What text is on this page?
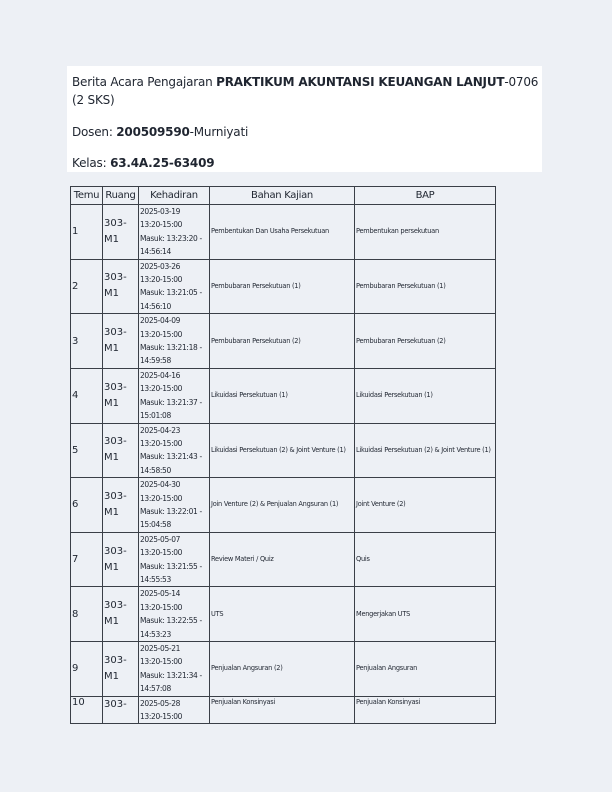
Berita Acara Pengajaran PRAKTIKUM AKUNTANSI KEUANGAN LANJUT-0706 (2 SKS)

Dosen: 200509590-Murniyati

Kelas: 63.4A.25-63409

Temu	Ruang	Kehadiran	Bahan Kajian	BAP
1	303-M1	2025-03-19
13:20-15:00
Masuk: 13:23:20 - 14:56:14	Pembentukan Dan Usaha Persekutuan	Pembentukan persekutuan
2	303-M1	2025-03-26
13:20-15:00
Masuk: 13:21:05 - 14:56:10	Pembubaran Persekutuan (1)	Pembubaran Persekutuan (1)
3	303-M1	2025-04-09
13:20-15:00
Masuk: 13:21:18 - 14:59:58	Pembubaran Persekutuan (2)	Pembubaran Persekutuan (2)
4	303-M1	2025-04-16
13:20-15:00
Masuk: 13:21:37 - 15:01:08	Likuidasi Persekutuan (1)	Likuidasi Persekutuan (1)
5	303-M1	2025-04-23
13:20-15:00
Masuk: 13:21:43 - 14:58:50	Likuidasi Persekutuan (2) & Joint Venture (1)	Likuidasi Persekutuan (2) & Joint Venture (1)
6	303-M1	2025-04-30
13:20-15:00
Masuk: 13:22:01 - 15:04:58	Join Venture (2) & Penjualan Angsuran (1)	Joint Venture (2)
7	303-M1	2025-05-07
13:20-15:00
Masuk: 13:21:55 - 14:55:53	Review Materi / Quiz	Quis
8	303-M1	2025-05-14
13:20-15:00
Masuk: 13:22:55 - 14:53:23	UTS	Mengerjakan UTS
9	303-M1	2025-05-21
13:20-15:00
Masuk: 13:21:34 - 14:57:08	Penjualan Angsuran (2)	Penjualan Angsuran
10	303-	2025-05-28
13:20-15:00	Penjualan Konsinyasi	Penjualan Konsinyasi
